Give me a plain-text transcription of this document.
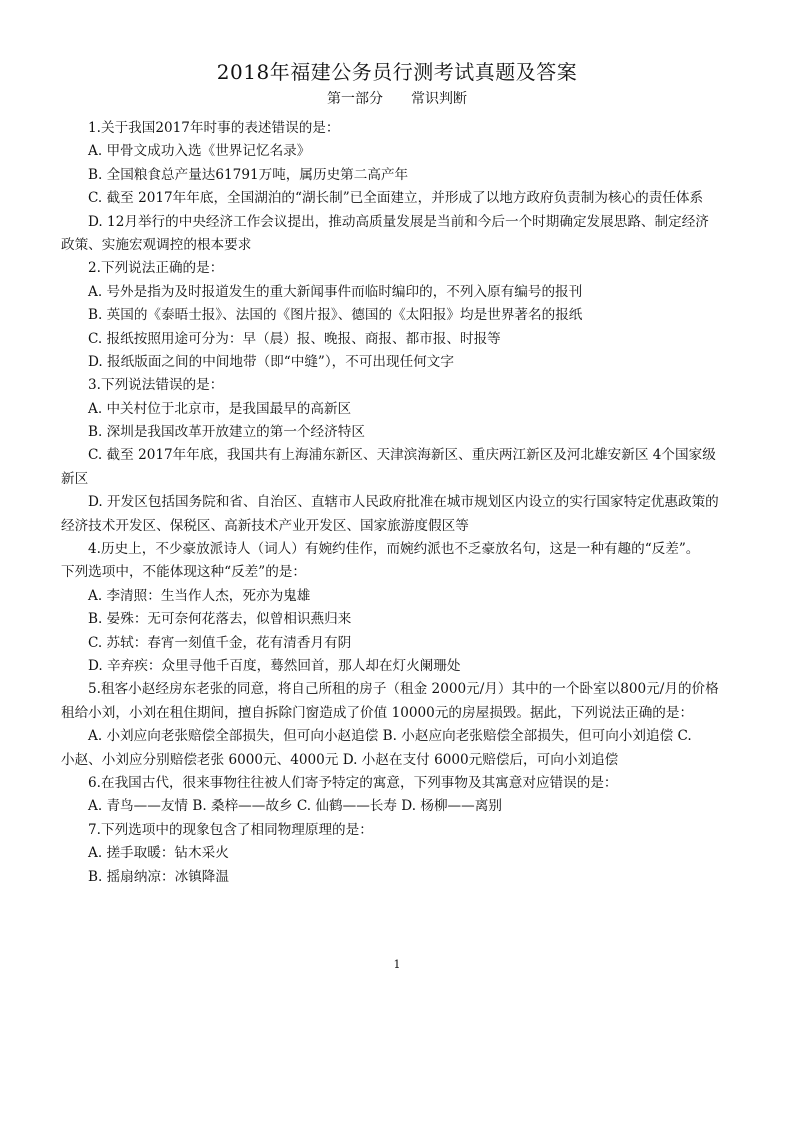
2018年福建公务员行测考试真题及答案
第一部分 常识判断
1.关于我国2017年时事的表述错误的是：
A. 甲骨文成功入选《世界记忆名录》
B. 全国粮食总产量达61791万吨，属历史第二高产年
C. 截至 2017年年底，全国湖泊的“湖长制”已全面建立，并形成了以地方政府负责制为核心的责任体系
D. 12月举行的中央经济工作会议提出，推动高质量发展是当前和今后一个时期确定发展思路、制定经济
政策、实施宏观调控的根本要求
2.下列说法正确的是：
A. 号外是指为及时报道发生的重大新闻事件而临时编印的，不列入原有编号的报刊
B. 英国的《泰晤士报》、法国的《图片报》、德国的《太阳报》均是世界著名的报纸
C. 报纸按照用途可分为：早（晨）报、晚报、商报、都市报、时报等
D. 报纸版面之间的中间地带（即“中缝”），不可出现任何文字
3.下列说法错误的是：
A. 中关村位于北京市，是我国最早的高新区
B. 深圳是我国改革开放建立的第一个经济特区
C. 截至 2017年年底，我国共有上海浦东新区、天津滨海新区、重庆两江新区及河北雄安新区 4个国家级
新区
D. 开发区包括国务院和省、自治区、直辖市人民政府批准在城市规划区内设立的实行国家特定优惠政策的
经济技术开发区、保税区、高新技术产业开发区、国家旅游度假区等
4.历史上，不少豪放派诗人（词人）有婉约佳作，而婉约派也不乏豪放名句，这是一种有趣的“反差”。
下列选项中，不能体现这种“反差”的是：
A. 李清照：生当作人杰，死亦为鬼雄
B. 晏殊：无可奈何花落去，似曾相识燕归来
C. 苏轼：春宵一刻值千金，花有清香月有阴
D. 辛弃疾：众里寻他千百度，蓦然回首，那人却在灯火阑珊处
5.租客小赵经房东老张的同意，将自己所租的房子（租金 2000元/月）其中的一个卧室以800元/月的价格
租给小刘，小刘在租住期间，擅自拆除门窗造成了价值 10000元的房屋损毁。据此，下列说法正确的是：
A. 小刘应向老张赔偿全部损失，但可向小赵追偿 B. 小赵应向老张赔偿全部损失，但可向小刘追偿 C.
小赵、小刘应分别赔偿老张 6000元、4000元 D. 小赵在支付 6000元赔偿后，可向小刘追偿
6.在我国古代，很来事物往往被人们寄予特定的寓意，下列事物及其寓意对应错误的是：
A. 青鸟——友情 B. 桑梓——故乡 C. 仙鹤——长寿 D. 杨柳——离别
7.下列选项中的现象包含了相同物理原理的是：
A. 搓手取暖：钻木采火
B. 摇扇纳凉：冰镇降温
1
